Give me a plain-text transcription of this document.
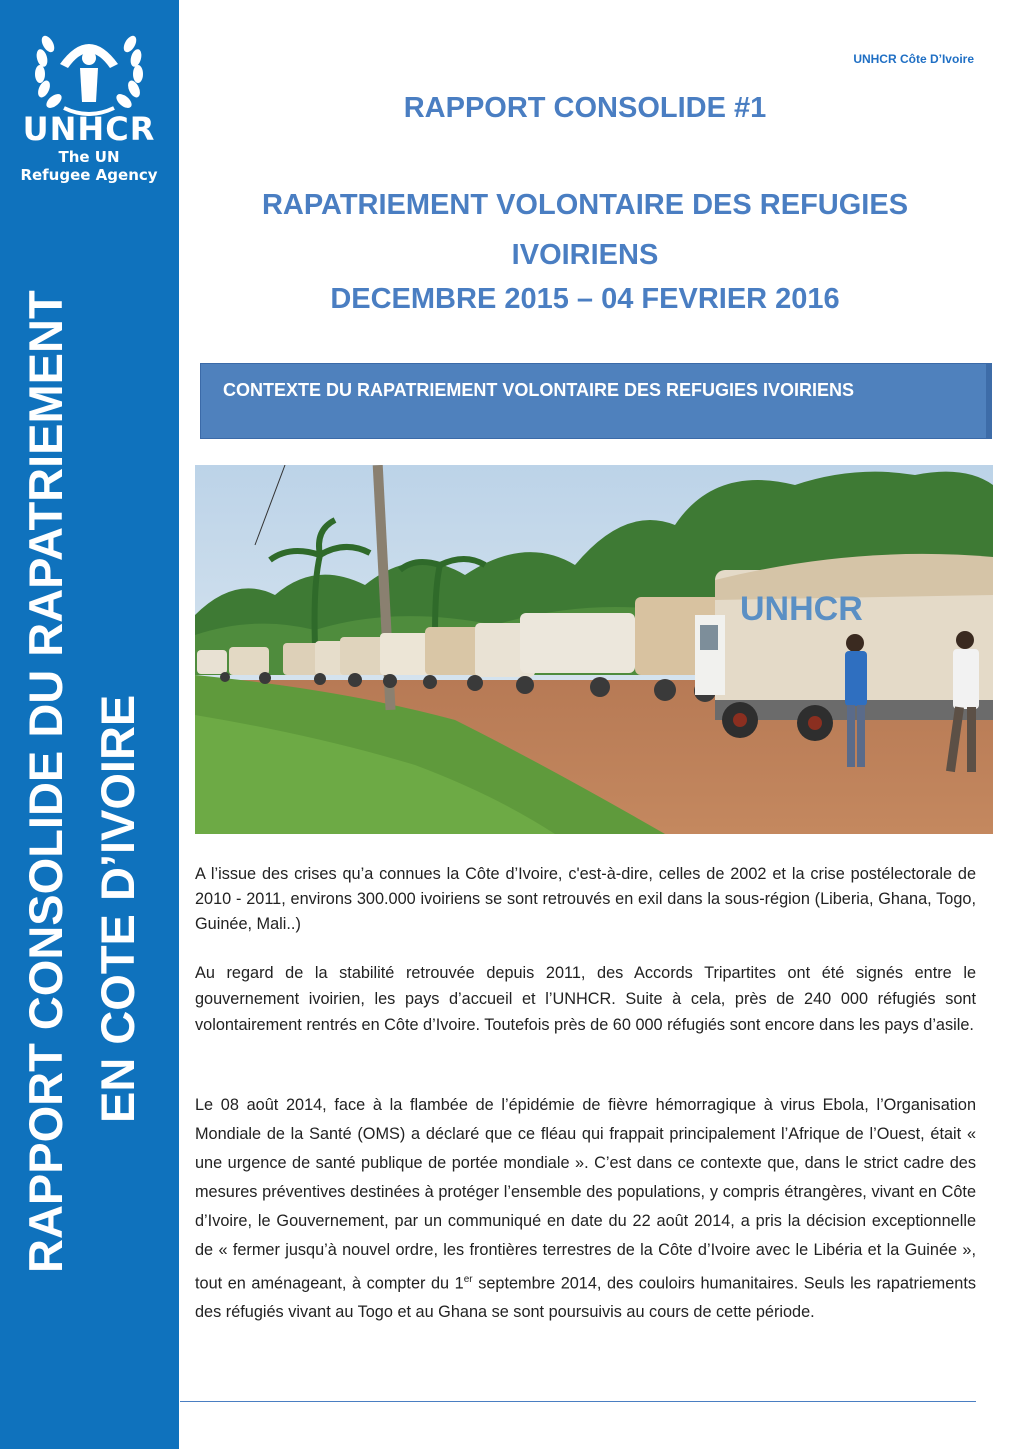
UNHCR
The UN
Refugee Agency
RAPPORT CONSOLIDE DU RAPATRIEMENT EN COTE D’IVOIRE
UNHCR Côte D’Ivoire
RAPPORT CONSOLIDE #1
RAPATRIEMENT VOLONTAIRE DES REFUGIES
IVOIRIENS
DECEMBRE 2015 – 04 FEVRIER 2016
CONTEXTE DU RAPATRIEMENT VOLONTAIRE DES REFUGIES IVOIRIENS
UNHCR
A l’issue des crises qu’a connues la Côte d’Ivoire, c'est-à-dire, celles de 2002 et la crise postélectorale de 2010 - 2011, environs 300.000 ivoiriens se sont retrouvés en exil dans la sous-région (Liberia, Ghana, Togo, Guinée, Mali..)
Au regard de la stabilité retrouvée depuis 2011, des Accords Tripartites ont été signés entre le gouvernement ivoirien, les pays d’accueil et l’UNHCR. Suite à cela, près de 240 000 réfugiés sont volontairement rentrés en Côte d’Ivoire. Toutefois près de 60 000 réfugiés sont encore dans les pays d’asile.
Le 08 août 2014, face à la flambée de l’épidémie de fièvre hémorragique à virus Ebola, l’Organisation Mondiale de la Santé (OMS) a déclaré que ce fléau qui frappait principalement l’Afrique de l’Ouest, était « une urgence de santé publique de portée mondiale ». C’est dans ce contexte que, dans le strict cadre des mesures préventives destinées à protéger l’ensemble des populations, y compris étrangères, vivant en Côte d’Ivoire, le Gouvernement, par un communiqué en date du 22 août 2014, a pris la décision exceptionnelle de « fermer jusqu’à nouvel ordre, les frontières terrestres de la Côte d’Ivoire avec le Libéria et la Guinée », tout en aménageant, à compter du 1er septembre 2014, des couloirs humanitaires. Seuls les rapatriements des réfugiés vivant au Togo et au Ghana se sont poursuivis au cours de cette période.
